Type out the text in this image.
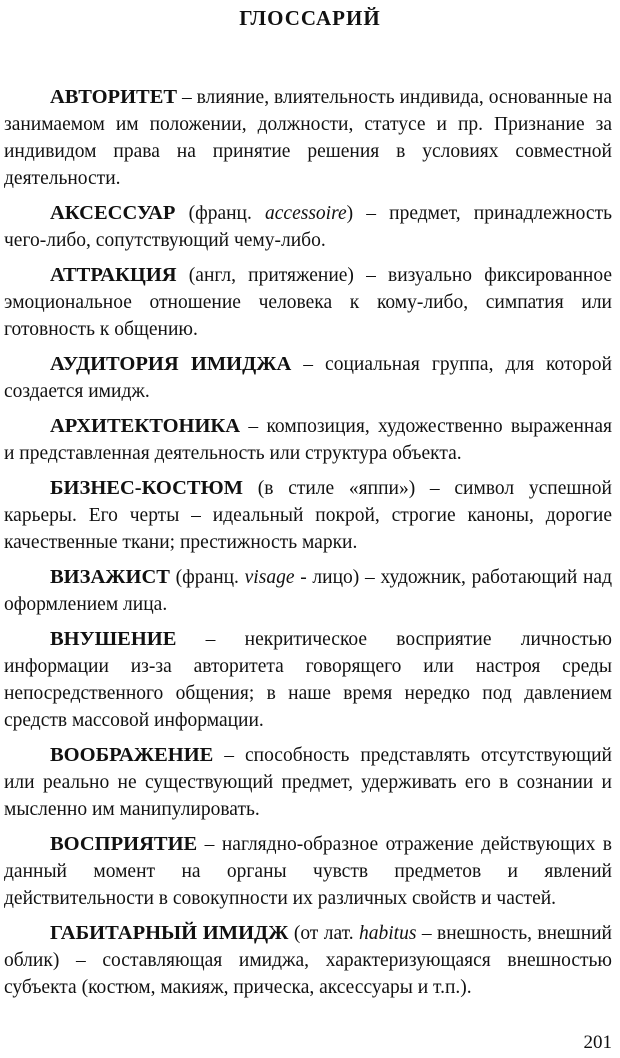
ГЛОССАРИЙ

АВТОРИТЕТ – влияние, влиятельность индивида, основанные на занимаемом им положении, должности, статусе и пр. Признание за индивидом права на принятие решения в условиях совместной деятельности.

АКСЕССУАР (франц. accessoire) – предмет, принадлежность чего-либо, сопутствующий чему-либо.

АТТРАКЦИЯ (англ, притяжение) – визуально фиксированное эмоциональное отношение человека к кому-либо, симпатия или готовность к общению.

АУДИТОРИЯ ИМИДЖА – социальная группа, для которой создается имидж.

АРХИТЕКТОНИКА – композиция, художественно выраженная и представленная деятельность или структура объекта.

БИЗНЕС-КОСТЮМ (в стиле «яппи») – символ успешной карьеры. Его черты – идеальный покрой, строгие каноны, дорогие качественные ткани; престижность марки.

ВИЗАЖИСТ (франц. visage - лицо) – художник, работающий над оформлением лица.

ВНУШЕНИЕ – некритическое восприятие личностью информации из-за авторитета говорящего или настроя среды непосредственного общения; в наше время нередко под давлением средств массовой информации.

ВООБРАЖЕНИЕ – способность представлять отсутствующий или реально не существующий предмет, удерживать его в сознании и мысленно им манипулировать.

ВОСПРИЯТИЕ – наглядно-образное отражение действующих в данный момент на органы чувств предметов и явлений действительности в совокупности их различных свойств и частей.

ГАБИТАРНЫЙ ИМИДЖ (от лат. habitus – внешность, внешний облик) – составляющая имиджа, характеризующаяся внешностью субъекта (костюм, макияж, прическа, аксессуары и т.п.).

201
